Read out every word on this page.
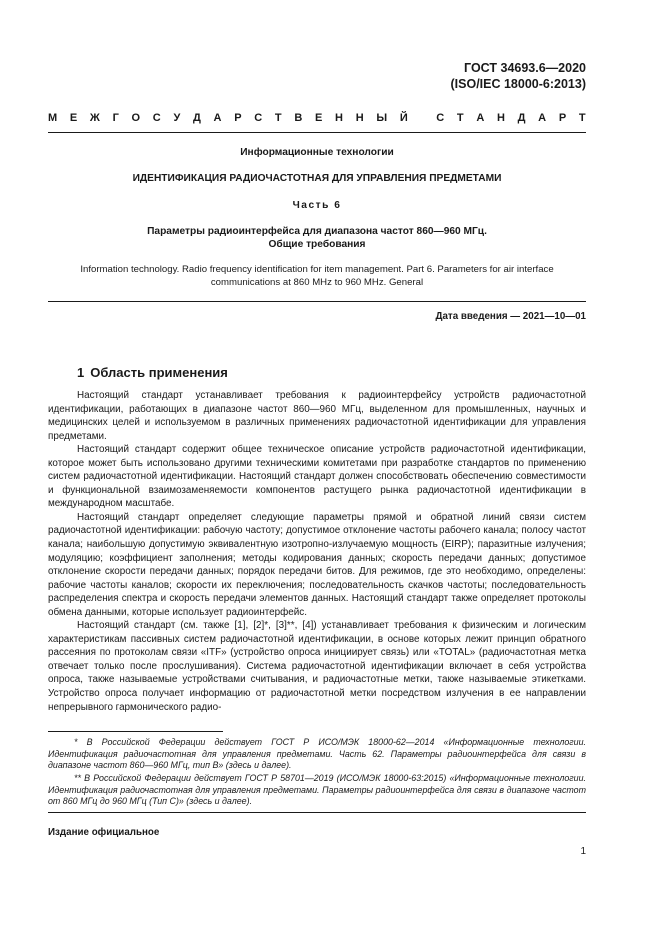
ГОСТ 34693.6—2020
(ISO/IEC 18000-6:2013)
М Е Ж Г О С У Д А Р С Т В Е Н Н Ы Й
	С Т А Н Д А Р Т
Информационные технологии
ИДЕНТИФИКАЦИЯ РАДИОЧАСТОТНАЯ ДЛЯ УПРАВЛЕНИЯ ПРЕДМЕТАМИ
Часть 6
Параметры радиоинтерфейса для диапазона частот 860—960 МГц.
Общие требования
Information technology. Radio frequency identification for item management. Part 6. Parameters for air interface
communications at 860 MHz to 960 MHz. General
Дата введения — 2021—10—01
1 Область применения

Настоящий стандарт устанавливает требования к радиоинтерфейсу устройств радиочастотной идентификации, работающих в диапазоне частот 860—960 МГц, выделенном для промышленных, научных и медицинских целей и используемом в различных применениях радиочастотной идентификации для управления предметами.

Настоящий стандарт содержит общее техническое описание устройств радиочастотной идентификации, которое может быть использовано другими техническими комитетами при разработке стандартов по применению систем радиочастотной идентификации. Настоящий стандарт должен способствовать обеспечению совместимости и функциональной взаимозаменяемости компонентов растущего рынка радиочастотной идентификации в международном масштабе.

Настоящий стандарт определяет следующие параметры прямой и обратной линий связи систем радиочастотной идентификации: рабочую частоту; допустимое отклонение частоты рабочего канала; полосу частот канала; наибольшую допустимую эквивалентную изотропно-излучаемую мощность (EIRP); паразитные излучения; модуляцию; коэффициент заполнения; методы кодирования данных; скорость передачи данных; допустимое отклонение скорости передачи данных; порядок передачи битов. Для режимов, где это необходимо, определены: рабочие частоты каналов; скорости их переключения; последовательность скачков частоты; последовательность распределения спектра и скорость передачи элементов данных. Настоящий стандарт также определяет протоколы обмена данными, которые использует радиоинтерфейс.

Настоящий стандарт (см. также [1], [2]*, [3]**, [4]) устанавливает требования к физическим и логическим характеристикам пассивных систем радиочастотной идентификации, в основе которых лежит принцип обратного рассеяния по протоколам связи «ITF» (устройство опроса инициирует связь) или «TOTAL» (радиочастотная метка отвечает только после прослушивания). Система радиочастотной идентификации включает в себя устройства опроса, также называемые устройствами считывания, и радиочастотные метки, также называемые этикетками. Устройство опроса получает информацию от радиочастотной метки посредством излучения в ее направлении непрерывного гармонического радио-

* В Российской Федерации действует ГОСТ Р ИСО/МЭК 18000-62—2014 «Информационные технологии. Идентификация радиочастотная для управления предметами. Часть 62. Параметры радиоинтерфейса для связи в диапазоне частот 860—960 МГц, тип B» (здесь и далее).

** В Российской Федерации действует ГОСТ Р 58701—2019 (ИСО/МЭК 18000-63:2015) «Информационные технологии. Идентификация радиочастотная для управления предметами. Параметры радиоинтерфейса для связи в диапазоне частот от 860 МГц до 960 МГц (Тип С)» (здесь и далее).

Издание официальное
1
